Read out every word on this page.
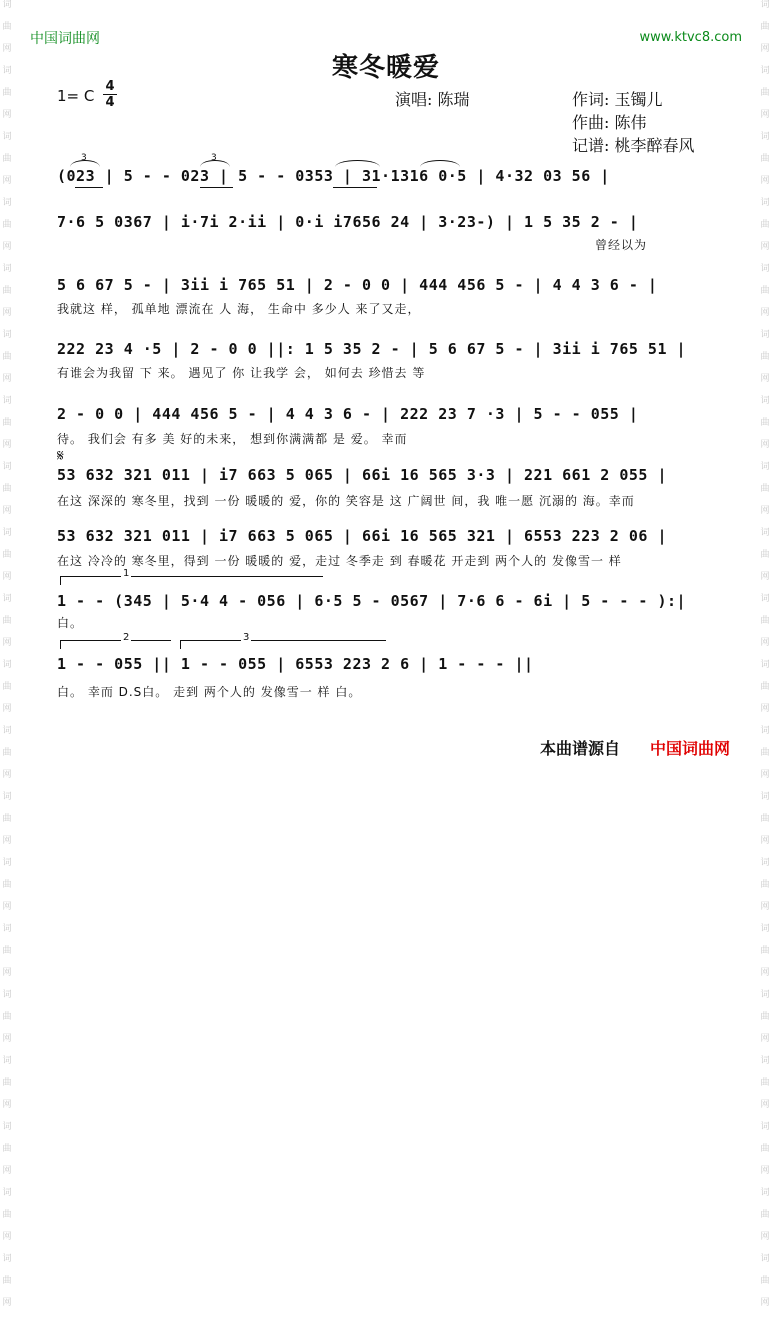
词
曲
网
词
曲
网
词
曲
网
词
曲
网
词
曲
网
词
曲
网
词
曲
网
词
曲
网
词
曲
网
词
曲
网
词
曲
网
词
曲
网
词
曲
网
词
曲
网
词
曲
网
词
曲
网
词
曲
网
词
曲
网
词
曲
网
词
曲
网
词
曲
网
词
曲
网
词
曲
网
词
曲
网
词
曲
网
词
曲
网
词
曲
网
词
曲
网
词
曲
网
词
曲
网
词
曲
网
词
曲
网
词
曲
网
词
曲
网
词
曲
网
词
曲
网
词
曲
网
词
曲
网
词
曲
网
词
曲
网
中国词曲网	www.ktvc8.com
寒冬暖爱
1= C
4
4	演唱: 陈瑞	作词: 玉镯儿
作曲: 陈伟
记谱: 桃李醉春风
(023 | 5 - - 023 | 5 - - 0353 | 31·1316 0·5 | 4·32 03 56 |
7·6 5 0367 | i·7i 2·ii | 0·i i7656 24 | 3·23-) | 1 5 35 2 - |
曾经以为
5 6 67 5 - | 3ii i 765 51 | 2 - 0 0 | 444 456 5 - | 4 4 3 6 - |
我就这 样， 孤单地 漂流在 人 海， 生命中 多少人 来了又走，
222 23 4 ·5 | 2 - 0 0 ||: 1 5 35 2 - | 5 6 67 5 - | 3ii i 765 51 |
有谁会为我留 下 来。 遇见了 你 让我学 会， 如何去 珍惜去 等
𝄋
2 - 0 0 | 444 456 5 - | 4 4 3 6 - | 222 23 7 ·3 | 5 - - 055 |
待。 我们会 有多 美 好的未来， 想到你满满都 是 爱。 幸而
53 632 321 011 | i7 663 5 065 | 66i 16 565 3·3 | 221 661 2 055 |
在这 深深的 寒冬里，找到 一份 暖暖的 爱，你的 笑容是 这 广阔世 间，我 唯一愿 沉溺的 海。幸而
53 632 321 011 | i7 663 5 065 | 66i 16 565 321 | 6553 223 2 06 |
在这 冷冷的 寒冬里，得到 一份 暖暖的 爱，走过 冬季走 到 春暖花 开走到 两个人的 发像雪一 样
1
1 - - (345 | 5·4 4 - 056 | 6·5 5 - 0567 | 7·6 6 - 6i | 5 - - - ):|
白。
2	3
1 - - 055 || 1 - - 055 | 6553 223 2 6 | 1 - - - ||
白。 幸而 D.S白。 走到 两个人的 发像雪一 样 白。
3	3
本曲谱源自 中国词曲网
